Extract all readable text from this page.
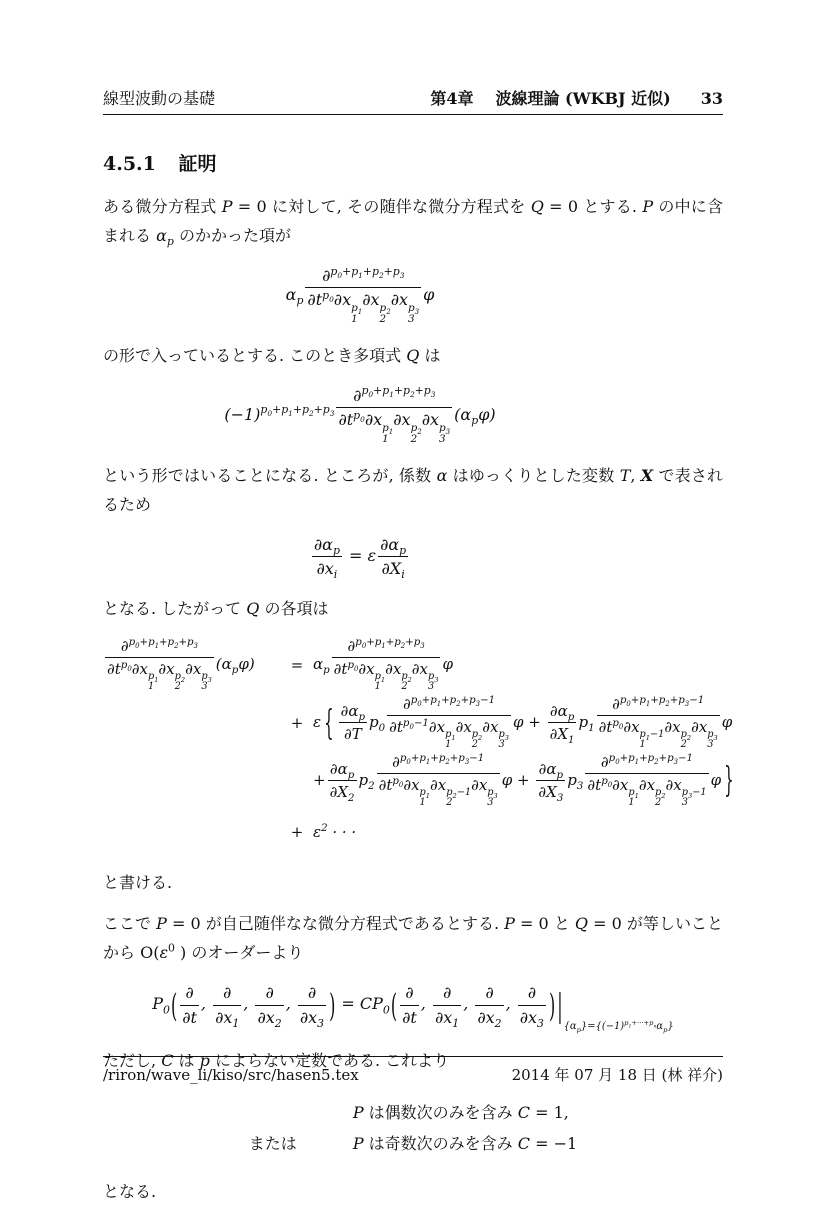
線型波動の基礎	第4章 波線理論 (WKBJ 近似) 33
4.5.1 証明

ある微分方程式 P = 0 に対して, その随伴な微分方程式を Q = 0 とする. P の中に含まれる $\alpha_p$ のかかった項が

$\alpha_p$ ∂$^{p_0+p_1+p_2+p_3}$
$\partial t^{p_0}\partial x$ $p_1$
1
∂x $p_2$
2
∂x $p_3$
3 φ

の形で入っているとする. このとき多項式 Q は

$(-1)^{p_0+p_1+p_2+p_3}$ ∂$^{p_0+p_1+p_2+p_3}$
$\partial t^{p_0}\partial x$ $p_1$
1
∂x $p_2$
2
∂x $p_3$
3 $(\alpha_p\varphi)$

という形ではいることになる. ところが, 係数 α はゆっくりとした変数 T, X で表されるため

$\frac{\partial\alpha_p}{\partial x_i} = \varepsilon \frac{\partial\alpha_p}{\partial X_i}$

となる. したがって Q の各項は

∂$^{p_0+p_1+p_2+p_3}$
$\partial t^{p_0}\partial x$ $p_1$
1
∂x $p_2$
2
∂x $p_3$
3 $(\alpha_p\varphi)$	= $\alpha_p$ ∂$^{p_0+p_1+p_2+p_3}$
$\partial t^{p_0}\partial x$ $p_1$
1
∂x $p_2$
2
∂x $p_3$
3 φ
+ ε { $\frac{\partial\alpha_p}{\partial T} p_0$ ∂$^{p_0+p_1+p_2+p_3-1}$
$\partial t^{p_0-1}\partial x$ $p_1$
1
∂x $p_2$
2
∂x $p_3$
3 $\varphi + \frac{\partial\alpha_p}{\partial X_1} p_1$ ∂$^{p_0+p_1+p_2+p_3-1}$
$\partial t^{p_0}\partial x$ $p_1-1$
1
∂x $p_2$
2
∂x $p_3$
3 φ
+ $\frac{\partial\alpha_p}{\partial X_2} p_2$ ∂$^{p_0+p_1+p_2+p_3-1}$
$\partial t^{p_0}\partial x$ $p_1$
1
∂x $p_2-1$
2
∂x $p_3$
3 $\varphi + \frac{\partial\alpha_p}{\partial X_3} p_3$ ∂$^{p_0+p_1+p_2+p_3-1}$
$\partial t^{p_0}\partial x$ $p_1$
1
∂x $p_2$
2
∂x $p_3-1$
3 φ }
+ $\varepsilon^2$ · · ·

と書ける.

ここで P = 0 が自己随伴なな微分方程式であるとする. P = 0 と Q = 0 が等しいことから $O(\varepsilon^0$ ) のオーダーより

$P_0$( ∂
∂t
,
∂
$\partial x_1$
,
∂
$\partial x_2$
,
∂
$\partial x_3$ ) = $CP_0$( ∂
∂t
,
∂
$\partial x_1$
,
∂
$\partial x_2$
,
∂
$\partial x_3$ ) $|_{\{\alpha_p\}=\{(-1)^{p_1+\cdot\cdot\cdot+p_n}\alpha_p\}}$

ただし, C は p によらない定数である. これより

	P は偶数次のみを含み C = 1,
または	P は奇数次のみを含み C = −1

となる.

/riron/wave_li/kiso/src/hasen5.tex	2014 年 07 月 18 日 (林 祥介)
